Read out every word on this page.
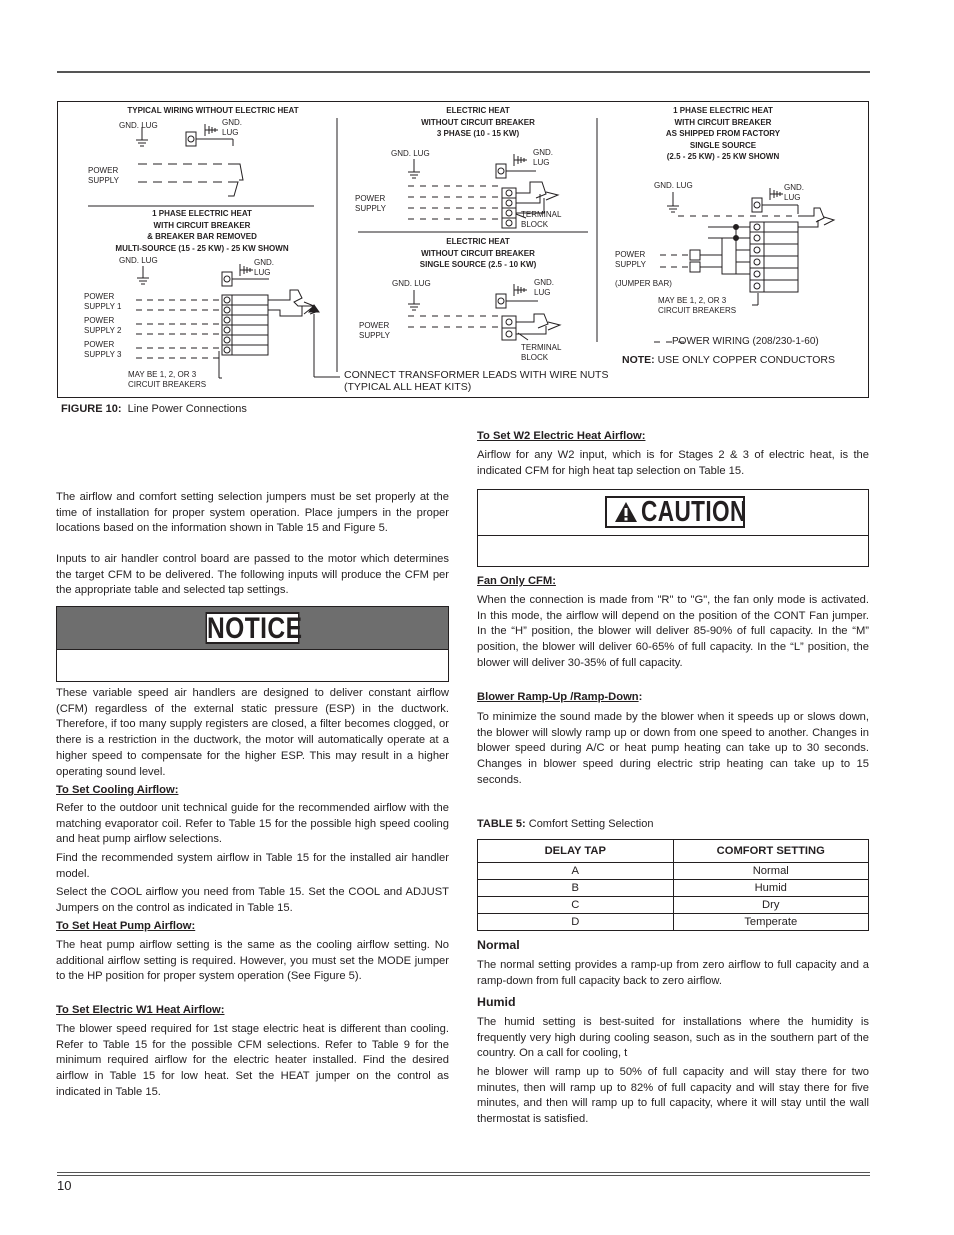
TYPICAL WIRING WITHOUT ELECTRIC HEAT
GND. LUG	GND.
LUG
POWER
SUPPLY
1 PHASE ELECTRIC HEAT
WITH CIRCUIT BREAKER
& BREAKER BAR REMOVED
MULTI-SOURCE (15 - 25 KW) - 25 KW SHOWN
GND. LUG	GND.
LUG
POWER
SUPPLY 1
POWER
SUPPLY 2
POWER
SUPPLY 3
MAY BE 1, 2, OR 3
CIRCUIT BREAKERS
ELECTRIC HEAT
WITHOUT CIRCUIT BREAKER
3 PHASE (10 - 15 KW)
GND. LUG	GND.
LUG
POWER
SUPPLY
TERMINAL
BLOCK
ELECTRIC HEAT
WITHOUT CIRCUIT BREAKER
SINGLE SOURCE (2.5 - 10 KW)
GND. LUG	GND.
LUG
POWER
SUPPLY
TERMINAL
BLOCK
1 PHASE ELECTRIC HEAT
WITH CIRCUIT BREAKER
AS SHIPPED FROM FACTORY
SINGLE SOURCE
(2.5 - 25 KW) - 25 KW SHOWN
GND. LUG	GND.
LUG
POWER
SUPPLY
(JUMPER BAR)
MAY BE 1, 2, OR 3
CIRCUIT BREAKERS
CONNECT TRANSFORMER LEADS WITH WIRE NUTS
(TYPICAL ALL HEAT KITS)
POWER WIRING (208/230-1-60)
NOTE: USE ONLY COPPER CONDUCTORS
FIGURE 10: Line Power Connections
The airflow and comfort setting selection jumpers must be set properly at the time of installation for proper system operation. Place jumpers in the proper locations based on the information shown in Table 15 and Figure 5.
Inputs to air handler control board are passed to the motor which determines the target CFM to be delivered. The following inputs will produce the CFM per the appropriate table and selected tap settings.
NOTICE
These variable speed air handlers are designed to deliver constant airflow (CFM) regardless of the external static pressure (ESP) in the ductwork. Therefore, if too many supply registers are closed, a filter becomes clogged, or there is a restriction in the ductwork, the motor will automatically operate at a higher speed to compensate for the higher ESP. This may result in a higher operating sound level.
To Set Cooling Airflow:
Refer to the outdoor unit technical guide for the recommended airflow with the matching evaporator coil. Refer to Table 15 for the possible high speed cooling and heat pump airflow selections.
Find the recommended system airflow in Table 15 for the installed air handler model.
Select the COOL airflow you need from Table 15. Set the COOL and ADJUST Jumpers on the control as indicated in Table 15.
To Set Heat Pump Airflow:
The heat pump airflow setting is the same as the cooling airflow setting. No additional airflow setting is required. However, you must set the MODE jumper to the HP position for proper system operation (See Figure 5).
To Set Electric W1 Heat Airflow:
The blower speed required for 1st stage electric heat is different than cooling. Refer to Table 15 for the possible CFM selections. Refer to Table 9 for the minimum required airflow for the electric heater installed. Find the desired airflow in Table 15 for low heat. Set the HEAT jumper on the control as indicated in Table 15.
To Set W2 Electric Heat Airflow:
Airflow for any W2 input, which is for Stages 2 & 3 of electric heat, is the indicated CFM for high heat tap selection on Table 15.
CAUTION
Fan Only CFM:
When the connection is made from "R" to "G", the fan only mode is activated. In this mode, the airflow will depend on the position of the CONT Fan jumper. In the “H” position, the blower will deliver 85-90% of full capacity. In the “M” position, the blower will deliver 60-65% of full capacity. In the “L” position, the blower will deliver 30-35% of full capacity.
Blower Ramp-Up /Ramp-Down:
To minimize the sound made by the blower when it speeds up or slows down, the blower will slowly ramp up or down from one speed to another. Changes in blower speed during A/C or heat pump heating can take up to 30 seconds. Changes in blower speed during electric strip heating can take up to 15 seconds.
TABLE 5: Comfort Setting Selection
DELAY TAP	COMFORT SETTING
A	Normal
B	Humid
C	Dry
D	Temperate
Normal
The normal setting provides a ramp-up from zero airflow to full capacity and a ramp-down from full capacity back to zero airflow.
Humid
The humid setting is best-suited for installations where the humidity is frequently very high during cooling season, such as in the southern part of the country. On a call for cooling, t
he blower will ramp up to 50% of full capacity and will stay there for two minutes, then will ramp up to 82% of full capacity and will stay there for five minutes, and then will ramp up to full capacity, where it will stay until the wall thermostat is satisfied.
10
